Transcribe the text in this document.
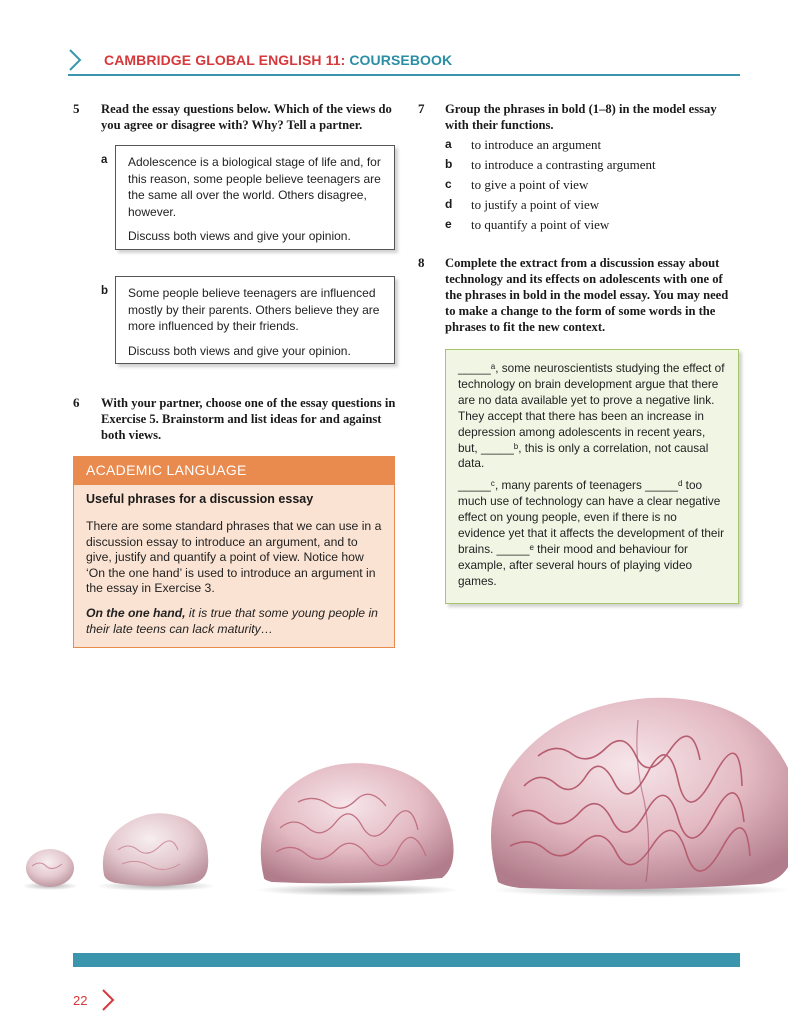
CAMBRIDGE GLOBAL ENGLISH 11: COURSEBOOK
5 Read the essay questions below. Which of the views do you agree or disagree with? Why? Tell a partner.
a Adolescence is a biological stage of life and, for this reason, some people believe teenagers are the same all over the world. Others disagree, however.

Discuss both views and give your opinion.

b Some people believe teenagers are influenced mostly by their parents. Others believe they are more influenced by their friends.

Discuss both views and give your opinion.

6 With your partner, choose one of the essay questions in Exercise 5. Brainstorm and list ideas for and against both views.
ACADEMIC LANGUAGE
Useful phrases for a discussion essay
There are some standard phrases that we can use in a discussion essay to introduce an argument, and to give, justify and quantify a point of view. Notice how ‘On the one hand’ is used to introduce an argument in the essay in Exercise 3.
On the one hand, it is true that some young people in their late teens can lack maturity…
7 Group the phrases in bold (1–8) in the model essay with their functions.
a to introduce an argument
b to introduce a contrasting argument
c to give a point of view
d to justify a point of view
e to quantify a point of view
8 Complete the extract from a discussion essay about technology and its effects on adolescents with one of the phrases in bold in the model essay. You may need to make a change to the form of some words in the phrases to fit the new context.

_____ᵃ, some neuroscientists studying the effect of technology on brain development argue that there are no data available yet to prove a negative link. They accept that there has been an increase in depression among adolescents in recent years, but, _____ᵇ, this is only a correlation, not causal data.

_____ᶜ, many parents of teenagers _____ᵈ too much use of technology can have a clear negative effect on young people, even if there is no evidence yet that it affects the development of their brains. _____ᵉ their mood and behaviour for example, after several hours of playing video games.

22
